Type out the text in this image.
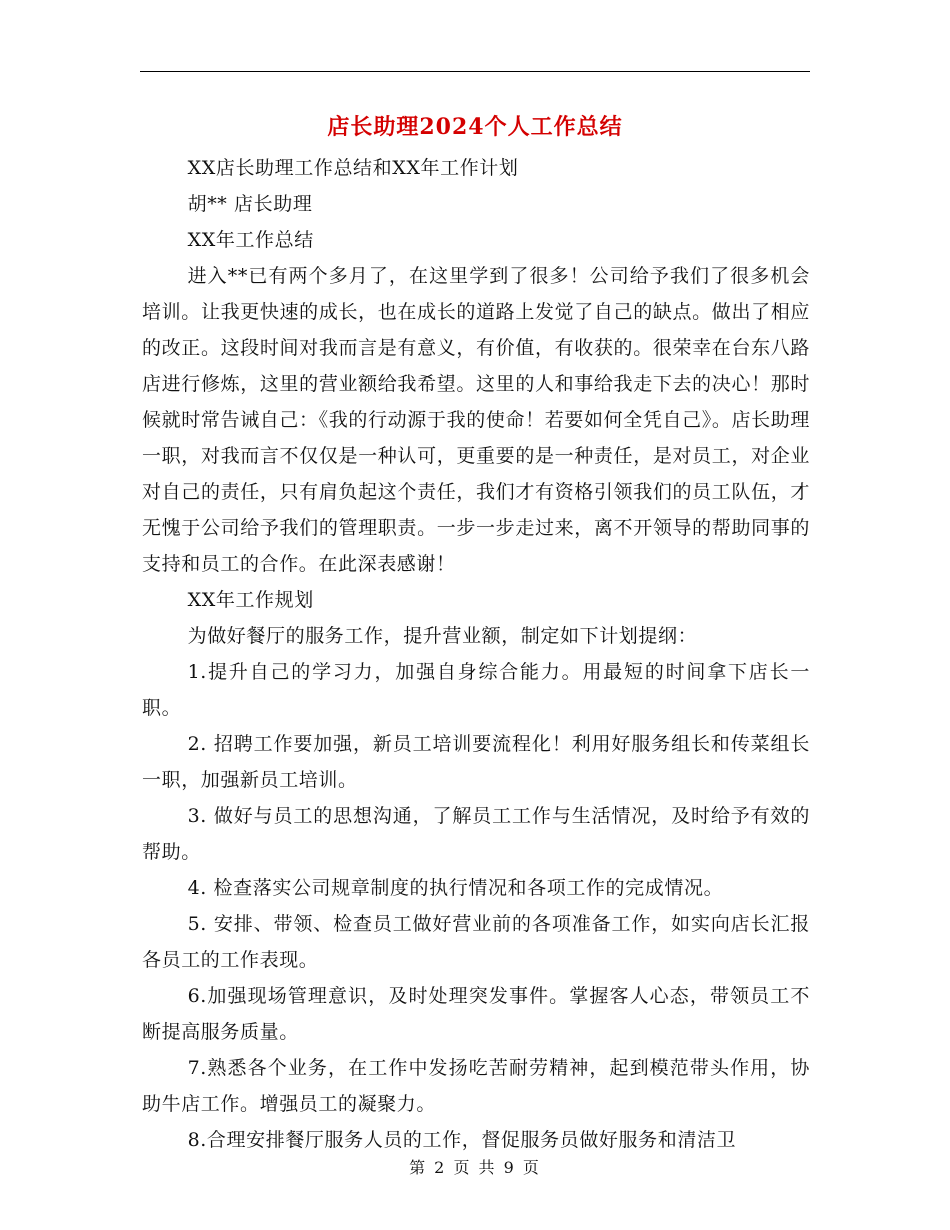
店长助理2024个人工作总结

XX店长助理工作总结和XX年工作计划

胡** 店长助理

XX年工作总结

进入**已有两个多月了，在这里学到了很多！公司给予我们了很多机会培训。让我更快速的成长，也在成长的道路上发觉了自己的缺点。做出了相应的改正。这段时间对我而言是有意义，有价值，有收获的。很荣幸在台东八路店进行修炼，这里的营业额给我希望。这里的人和事给我走下去的决心！那时候就时常告诫自己：《我的行动源于我的使命！若要如何全凭自己》。店长助理一职，对我而言不仅仅是一种认可，更重要的是一种责任，是对员工，对企业对自己的责任，只有肩负起这个责任，我们才有资格引领我们的员工队伍，才无愧于公司给予我们的管理职责。一步一步走过来，离不开领导的帮助同事的支持和员工的合作。在此深表感谢！

XX年工作规划

为做好餐厅的服务工作，提升营业额，制定如下计划提纲：

1.提升自己的学习力，加强自身综合能力。用最短的时间拿下店长一职。

2. 招聘工作要加强，新员工培训要流程化！利用好服务组长和传菜组长一职，加强新员工培训。

3. 做好与员工的思想沟通，了解员工工作与生活情况，及时给予有效的帮助。

4. 检查落实公司规章制度的执行情况和各项工作的完成情况。

5. 安排、带领、检查员工做好营业前的各项准备工作，如实向店长汇报各员工的工作表现。

6.加强现场管理意识，及时处理突发事件。掌握客人心态，带领员工不断提高服务质量。

7.熟悉各个业务，在工作中发扬吃苦耐劳精神，起到模范带头作用，协助牛店工作。增强员工的凝聚力。

8.合理安排餐厅服务人员的工作，督促服务员做好服务和清洁卫

第 2 页 共 9 页
